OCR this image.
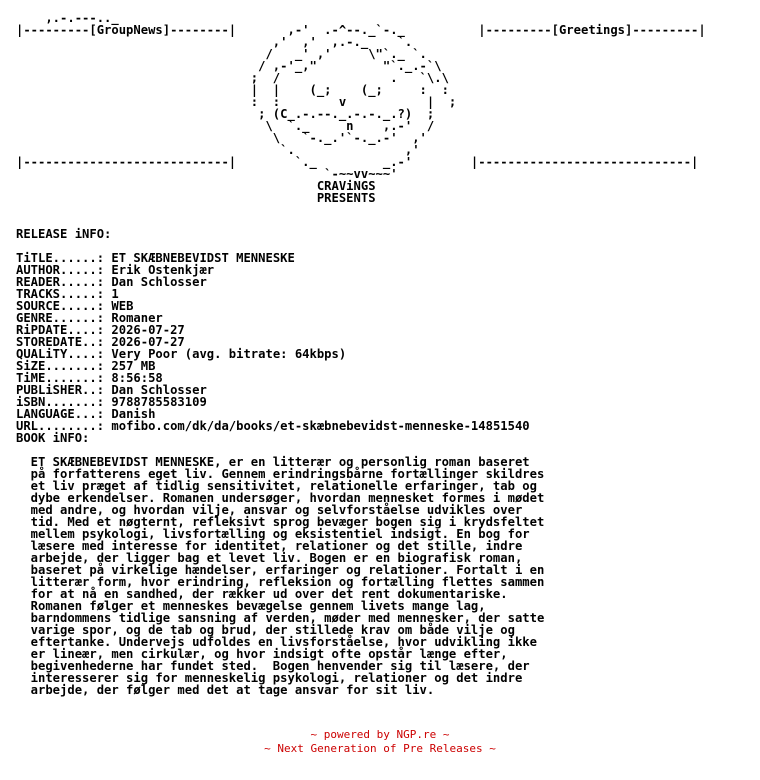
,.-.---.._
|---------[GroupNews]--------|       ,-'  .-^--._`-._          |---------[Greetings]---------|
,'  ,'  ,.-._    `.
/   _' ,'     \"`._ `.
/ ,-'_,"         "`._.-`\
;  /               .   `\.\
|  |    (_;    (_;     :  :
:  :        v           |  ;
; (C_.-.--._.-.-._.?)  ;
\  `._     n    ,.-'  /
\   `-._.'`-._.-'  ,'
`.               ,'
|----------------------------|        `._         _.-'        |-----------------------------|
`-~~vv~~~'
CRAViNGS
PRESENTS

RELEASE iNFO:

TiTLE......: ET SKÆBNEBEVIDST MENNESKE
AUTHOR.....: Erik Ostenkjær
READER.....: Dan Schlosser
TRACKS.....: 1
SOURCE.....: WEB
GENRE......: Romaner
RiPDATE....: 2026-07-27
STOREDATE..: 2026-07-27
QUALiTY....: Very Poor (avg. bitrate: 64kbps)
SiZE.......: 257 MB
TiME.......: 8:56:58
PUBLiSHER..: Dan Schlosser
iSBN.......: 9788785583109
LANGUAGE...: Danish
URL........: mofibo.com/dk/da/books/et-skæbnebevidst-menneske-14851540
BOOK iNFO:

ET SKÆBNEBEVIDST MENNESKE, er en litterær og personlig roman baseret
på forfatterens eget liv. Gennem erindringsbårne fortællinger skildres
et liv præget af tidlig sensitivitet, relationelle erfaringer, tab og
dybe erkendelser. Romanen undersøger, hvordan mennesket formes i mødet
med andre, og hvordan vilje, ansvar og selvforståelse udvikles over
tid. Med et nøgternt, refleksivt sprog bevæger bogen sig i krydsfeltet
mellem psykologi, livsfortælling og eksistentiel indsigt. En bog for
læsere med interesse for identitet, relationer og det stille, indre
arbejde, der ligger bag et levet liv. Bogen er en biografisk roman,
baseret på virkelige hændelser, erfaringer og relationer. Fortalt i en
litterær form, hvor erindring, refleksion og fortælling flettes sammen
for at nå en sandhed, der rækker ud over det rent dokumentariske.
Romanen følger et menneskes bevægelse gennem livets mange lag,
barndommens tidlige sansning af verden, møder med mennesker, der satte
varige spor, og de tab og brud, der stillede krav om både vilje og
eftertanke. Undervejs udfoldes en livsforståelse, hvor udvikling ikke
er lineær, men cirkulær, og hvor indsigt ofte opstår længe efter,
begivenhederne har fundet sted.  Bogen henvender sig til læsere, der
interesserer sig for menneskelig psykologi, relationer og det indre
arbejde, der følger med det at tage ansvar for sit liv.
~ powered by NGP.re ~
~ Next Generation of Pre Releases ~
